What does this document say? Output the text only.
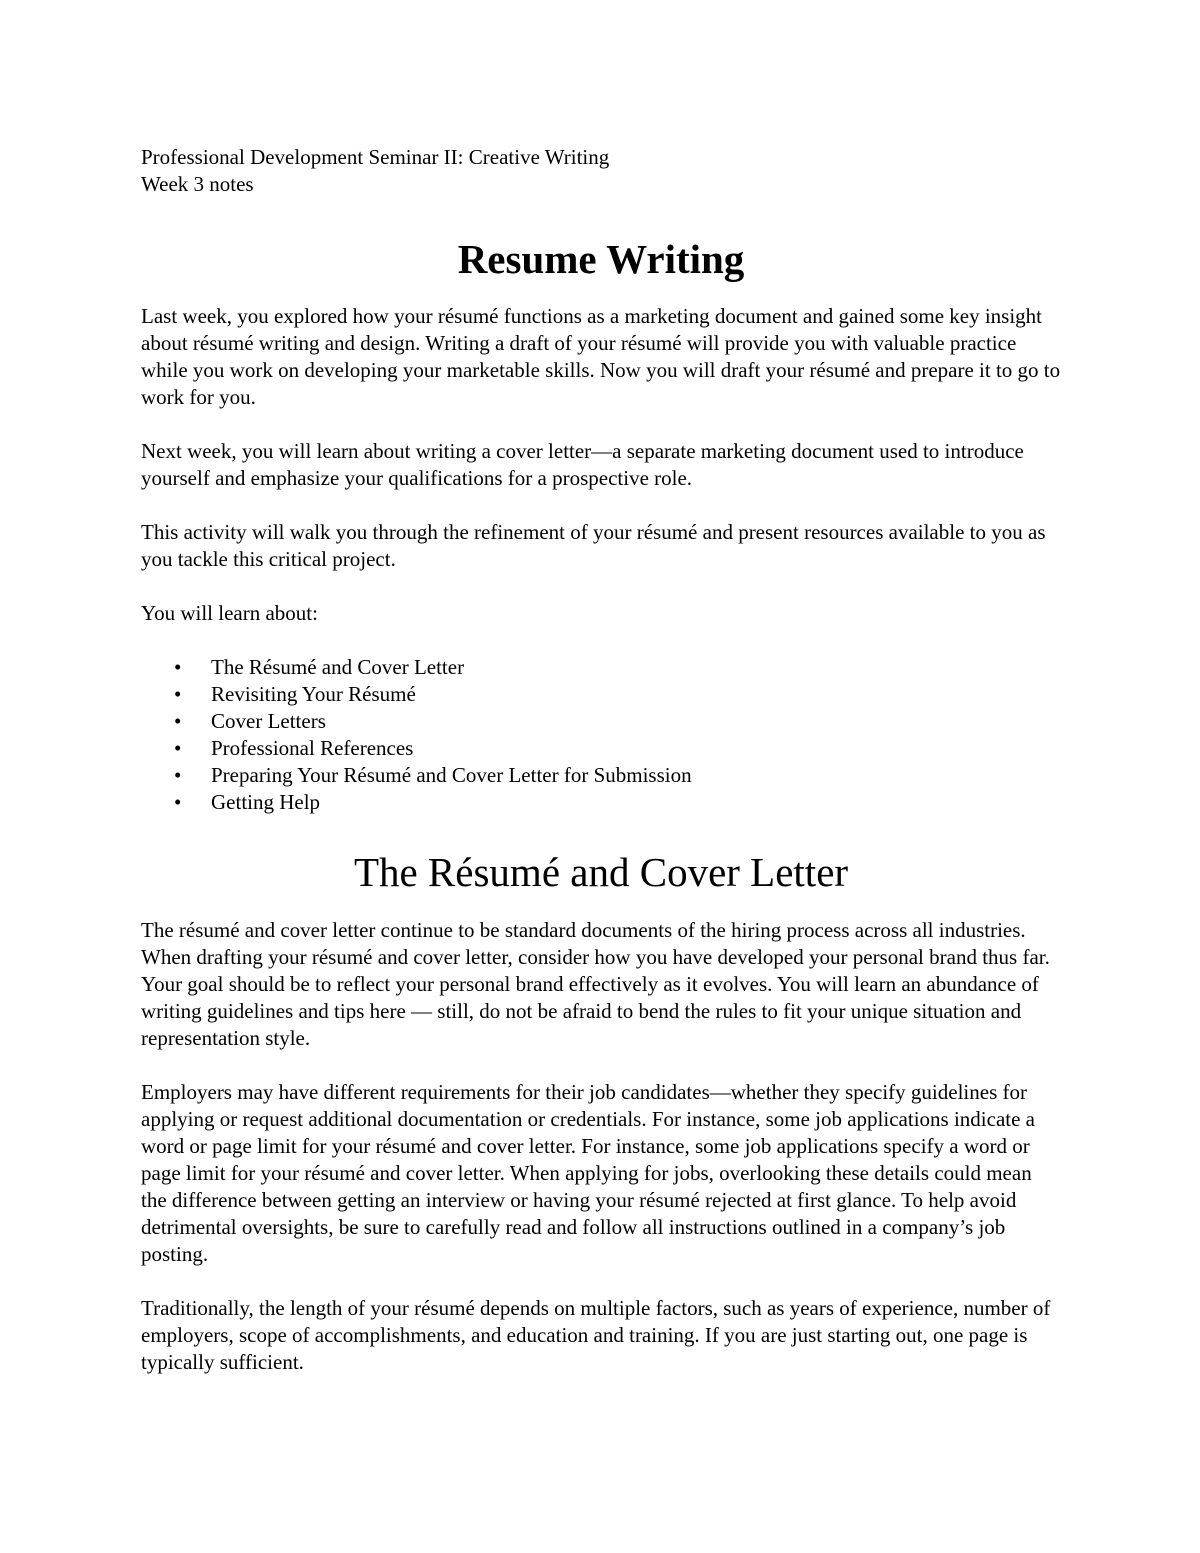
Professional Development Seminar II: Creative Writing
Week 3 notes
Resume Writing

Last week, you explored how your résumé functions as a marketing document and gained some key insight about résumé writing and design. Writing a draft of your résumé will provide you with valuable practice while you work on developing your marketable skills. Now you will draft your résumé and prepare it to go to work for you.

Next week, you will learn about writing a cover letter—a separate marketing document used to introduce yourself and emphasize your qualifications for a prospective role.

This activity will walk you through the refinement of your résumé and present resources available to you as you tackle this critical project.

You will learn about:

• The Résumé and Cover Letter
• Revisiting Your Résumé
• Cover Letters
• Professional References
• Preparing Your Résumé and Cover Letter for Submission
• Getting Help
The Résumé and Cover Letter

The résumé and cover letter continue to be standard documents of the hiring process across all industries. When drafting your résumé and cover letter, consider how you have developed your personal brand thus far. Your goal should be to reflect your personal brand effectively as it evolves. You will learn an abundance of writing guidelines and tips here — still, do not be afraid to bend the rules to fit your unique situation and representation style.

Employers may have different requirements for their job candidates—whether they specify guidelines for applying or request additional documentation or credentials. For instance, some job applications indicate a word or page limit for your résumé and cover letter. For instance, some job applications specify a word or page limit for your résumé and cover letter. When applying for jobs, overlooking these details could mean the difference between getting an interview or having your résumé rejected at first glance. To help avoid detrimental oversights, be sure to carefully read and follow all instructions outlined in a company’s job posting.

Traditionally, the length of your résumé depends on multiple factors, such as years of experience, number of employers, scope of accomplishments, and education and training. If you are just starting out, one page is typically sufficient.
